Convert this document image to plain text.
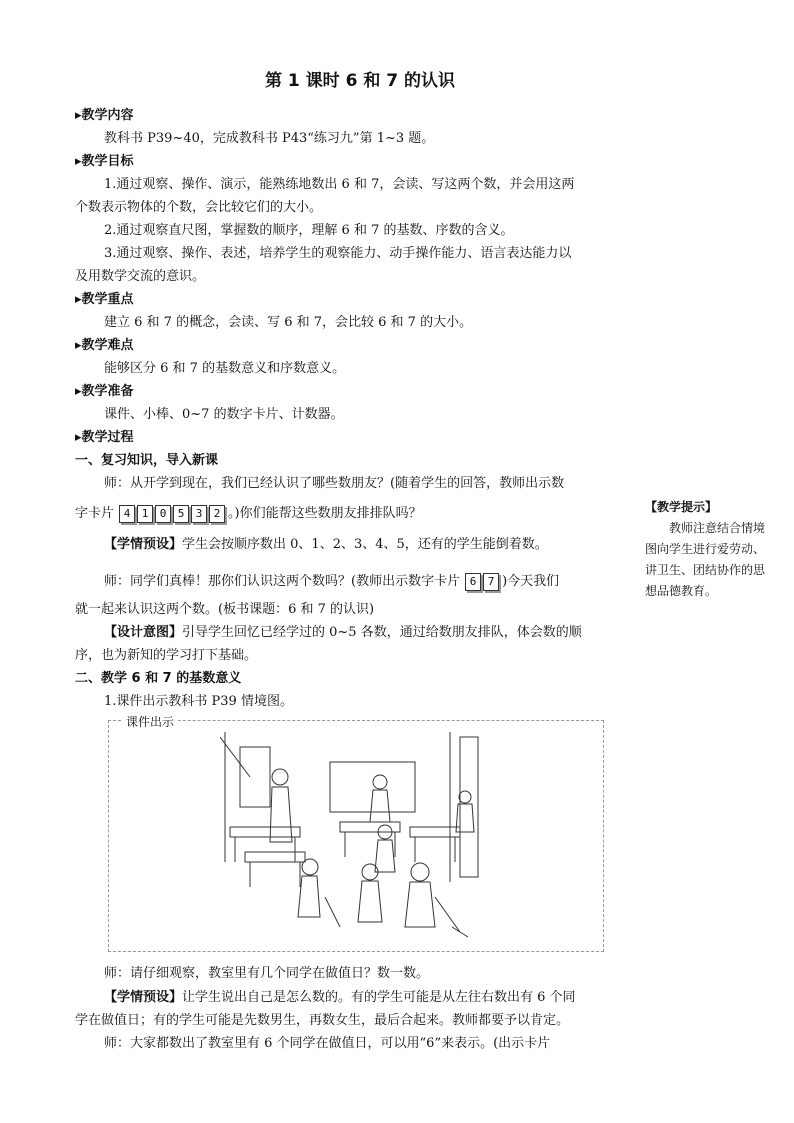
第 1 课时 6 和 7 的认识
▸教学内容
教科书 P39~40，完成教科书 P43“练习九”第 1~3 题。
▸教学目标
1.通过观察、操作、演示，能熟练地数出 6 和 7，会读、写这两个数，并会用这两
个数表示物体的个数，会比较它们的大小。
2.通过观察直尺图，掌握数的顺序，理解 6 和 7 的基数、序数的含义。
3.通过观察、操作、表述，培养学生的观察能力、动手操作能力、语言表达能力以
及用数学交流的意识。
▸教学重点
建立 6 和 7 的概念，会读、写 6 和 7，会比较 6 和 7 的大小。
▸教学难点
能够区分 6 和 7 的基数意义和序数意义。
▸教学准备
课件、小棒、0~7 的数字卡片、计数器。
▸教学过程
一、复习知识，导入新课
师：从开学到现在，我们已经认识了哪些数朋友？(随着学生的回答，教师出示数
字卡片 4 1 0 5 3 2 。)你们能帮这些数朋友排排队吗？
【学情预设】学生会按顺序数出 0、1、2、3、4、5，还有的学生能倒着数。
师：同学们真棒！那你们认识这两个数吗？(教师出示数字卡片 6 7 )今天我们
就一起来认识这两个数。(板书课题：6 和 7 的认识)
【设计意图】引导学生回忆已经学过的 0~5 各数，通过给数朋友排队，体会数的顺
序，也为新知的学习打下基础。
二、教学 6 和 7 的基数意义
1.课件出示教科书 P39 情境图。
课件出示
师：请仔细观察，教室里有几个同学在做值日？数一数。
【学情预设】让学生说出自己是怎么数的。有的学生可能是从左往右数出有 6 个同
学在做值日；有的学生可能是先数男生，再数女生，最后合起来。教师都要予以肯定。
师：大家都数出了教室里有 6 个同学在做值日，可以用“6”来表示。(出示卡片
【教学提示】
教师注意结合情境图向学生进行爱劳动、讲卫生、团结协作的思想品德教育。
